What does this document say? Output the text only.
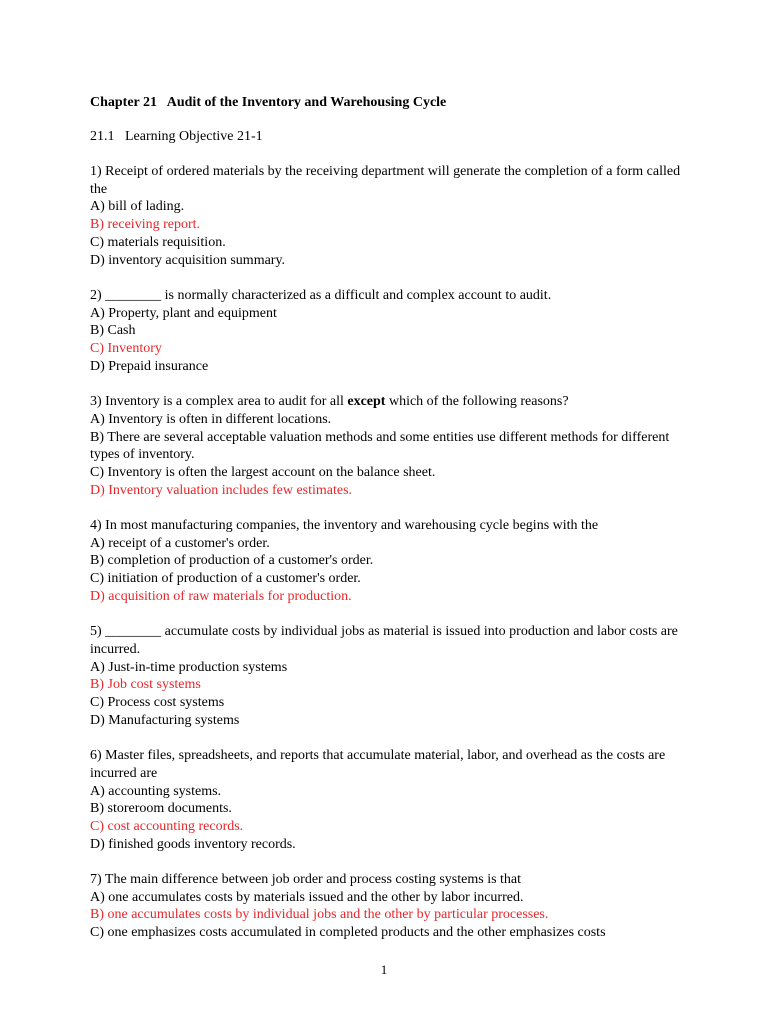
Chapter 21   Audit of the Inventory and Warehousing Cycle
21.1   Learning Objective 21-1

1) Receipt of ordered materials by the receiving department will generate the completion of a form called the

A) bill of lading.

B) receiving report.

C) materials requisition.

D) inventory acquisition summary.

2) ________ is normally characterized as a difficult and complex account to audit.

A) Property, plant and equipment

B) Cash

C) Inventory

D) Prepaid insurance

3) Inventory is a complex area to audit for all except which of the following reasons?

A) Inventory is often in different locations.

B) There are several acceptable valuation methods and some entities use different methods for different types of inventory.

C) Inventory is often the largest account on the balance sheet.

D) Inventory valuation includes few estimates.

4) In most manufacturing companies, the inventory and warehousing cycle begins with the

A) receipt of a customer's order.

B) completion of production of a customer's order.

C) initiation of production of a customer's order.

D) acquisition of raw materials for production.

5) ________ accumulate costs by individual jobs as material is issued into production and labor costs are incurred.

A) Just-in-time production systems

B) Job cost systems

C) Process cost systems

D) Manufacturing systems

6) Master files, spreadsheets, and reports that accumulate material, labor, and overhead as the costs are incurred are

A) accounting systems.

B) storeroom documents.

C) cost accounting records.

D) finished goods inventory records.

7) The main difference between job order and process costing systems is that

A) one accumulates costs by materials issued and the other by labor incurred.

B) one accumulates costs by individual jobs and the other by particular processes.

C) one emphasizes costs accumulated in completed products and the other emphasizes costs

1
